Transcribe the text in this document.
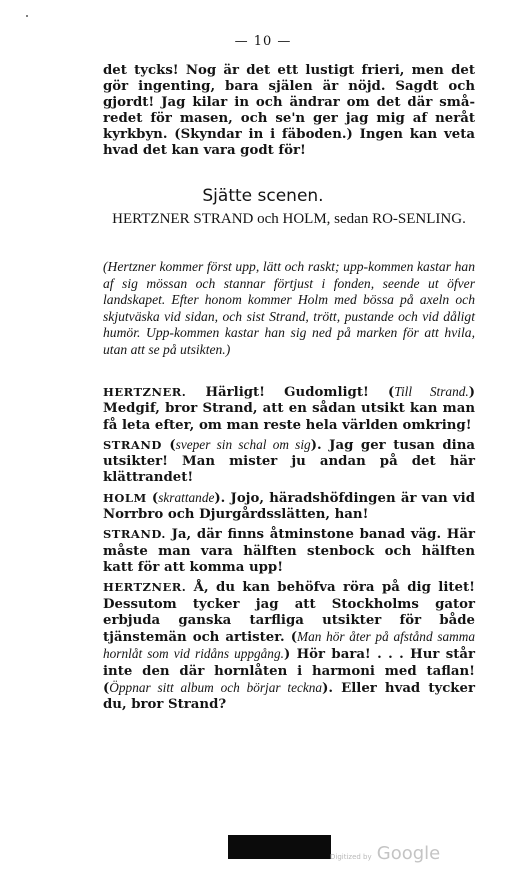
— 10 —

det tycks! Nog är det ett lustigt frieri, men det gör ingenting, bara själen är nöjd. Sagdt och gjordt! Jag kilar in och ändrar om det där små-redet för masen, och se'n ger jag mig af neråt kyrkbyn. (Skyndar in i fäboden.) Ingen kan veta hvad det kan vara godt för!

Sjätte scenen.
HERTZNER STRAND och HOLM, sedan RO-SENLING.

(Hertzner kommer först upp, lätt och raskt; upp-kommen kastar han af sig mössan och stannar förtjust i fonden, seende ut öfver landskapet. Efter honom kommer Holm med bössa på axeln och skjutväska vid sidan, och sist Strand, trött, pustande och vid dåligt humör. Upp-kommen kastar han sig ned på marken för att hvila, utan att se på utsikten.)

HERTZNER. Härligt! Gudomligt! (Till Strand.) Medgif, bror Strand, att en sådan utsikt kan man få leta efter, om man reste hela världen omkring!

STRAND (sveper sin schal om sig). Jag ger tusan dina utsikter! Man mister ju andan på det här klättrandet!

HOLM (skrattande). Jojo, häradshöfdingen är van vid Norrbro och Djurgårdsslätten, han!

STRAND. Ja, där finns åtminstone banad väg. Här måste man vara hälften stenbock och hälften katt för att komma upp!

HERTZNER. Å, du kan behöfva röra på dig litet! Dessutom tycker jag att Stockholms gator erbjuda ganska tarfliga utsikter för både tjänstemän och artister. (Man hör åter på afstånd samma hornlåt som vid ridåns uppgång.) Hör bara! . . . Hur står inte den där hornlåten i harmoni med taflan! (Öppnar sitt album och börjar teckna). Eller hvad tycker du, bror Strand?

Digitized by Google
